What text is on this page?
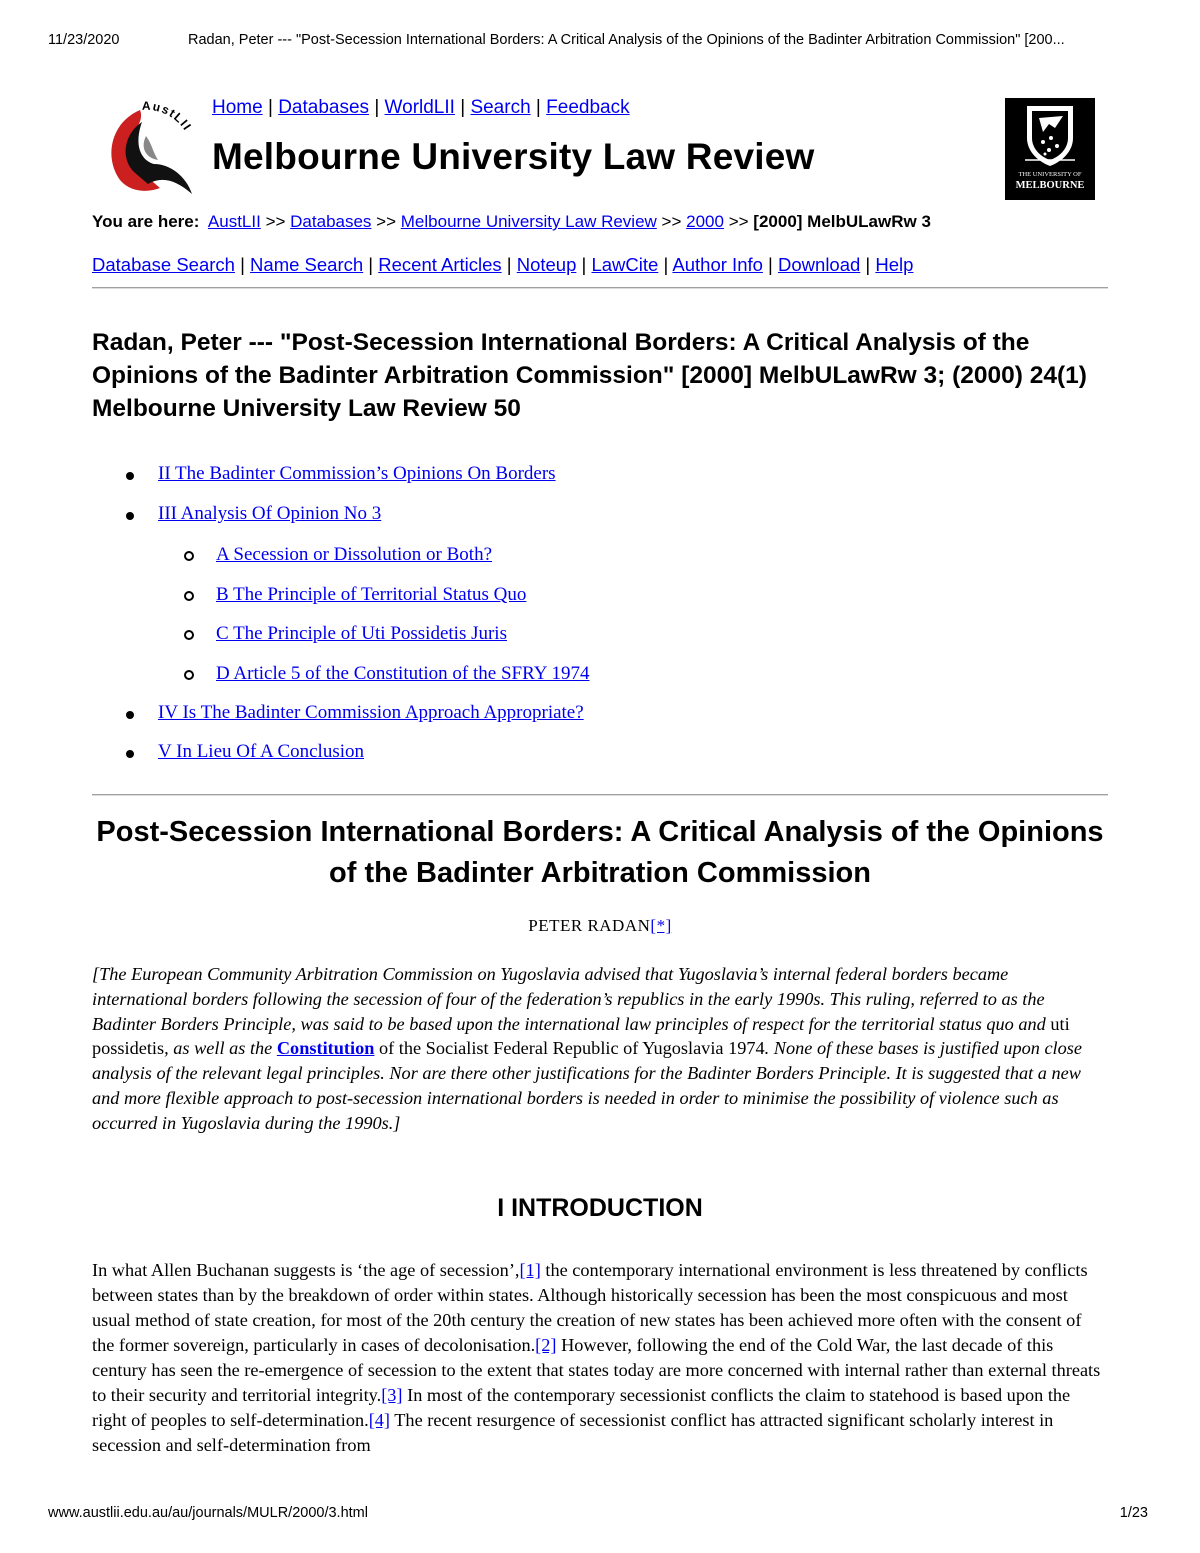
11/23/2020	Radan, Peter --- "Post-Secession International Borders: A Critical Analysis of the Opinions of the Badinter Arbitration Commission" [200...
AustLII
Home | Databases | WorldLII | Search | Feedback
Melbourne University Law Review	THE UNIVERSITY OF
MELBOURNE
You are here: AustLII >> Databases >> Melbourne University Law Review >> 2000 >> [2000] MelbULawRw 3
Database Search | Name Search | Recent Articles | Noteup | LawCite | Author Info | Download | Help
Radan, Peter --- "Post-Secession International Borders: A Critical Analysis of the Opinions of the Badinter Arbitration Commission" [2000] MelbULawRw 3; (2000) 24(1) Melbourne University Law Review 50
II The Badinter Commission’s Opinions On Borders
III Analysis Of Opinion No 3
A Secession or Dissolution or Both?
B The Principle of Territorial Status Quo
C The Principle of Uti Possidetis Juris
D Article 5 of the Constitution of the SFRY 1974
IV Is The Badinter Commission Approach Appropriate?
V In Lieu Of A Conclusion
Post-Secession International Borders: A Critical Analysis of the Opinions of the Badinter Arbitration Commission
PETER RADAN[*]
[The European Community Arbitration Commission on Yugoslavia advised that Yugoslavia’s internal federal borders became international borders following the secession of four of the federation’s republics in the early 1990s. This ruling, referred to as the Badinter Borders Principle, was said to be based upon the international law principles of respect for the territorial status quo and uti possidetis, as well as the Constitution of the Socialist Federal Republic of Yugoslavia 1974. None of these bases is justified upon close analysis of the relevant legal principles. Nor are there other justifications for the Badinter Borders Principle. It is suggested that a new and more flexible approach to post-secession international borders is needed in order to minimise the possibility of violence such as occurred in Yugoslavia during the 1990s.]
I INTRODUCTION
In what Allen Buchanan suggests is ‘the age of secession’,[1] the contemporary international environment is less threatened by conflicts between states than by the breakdown of order within states. Although historically secession has been the most conspicuous and most usual method of state creation, for most of the 20th century the creation of new states has been achieved more often with the consent of the former sovereign, particularly in cases of decolonisation.[2] However, following the end of the Cold War, the last decade of this century has seen the re-emergence of secession to the extent that states today are more concerned with internal rather than external threats to their security and territorial integrity.[3] In most of the contemporary secessionist conflicts the claim to statehood is based upon the right of peoples to self-determination.[4] The recent resurgence of secessionist conflict has attracted significant scholarly interest in secession and self-determination from
www.austlii.edu.au/au/journals/MULR/2000/3.html	1/23
